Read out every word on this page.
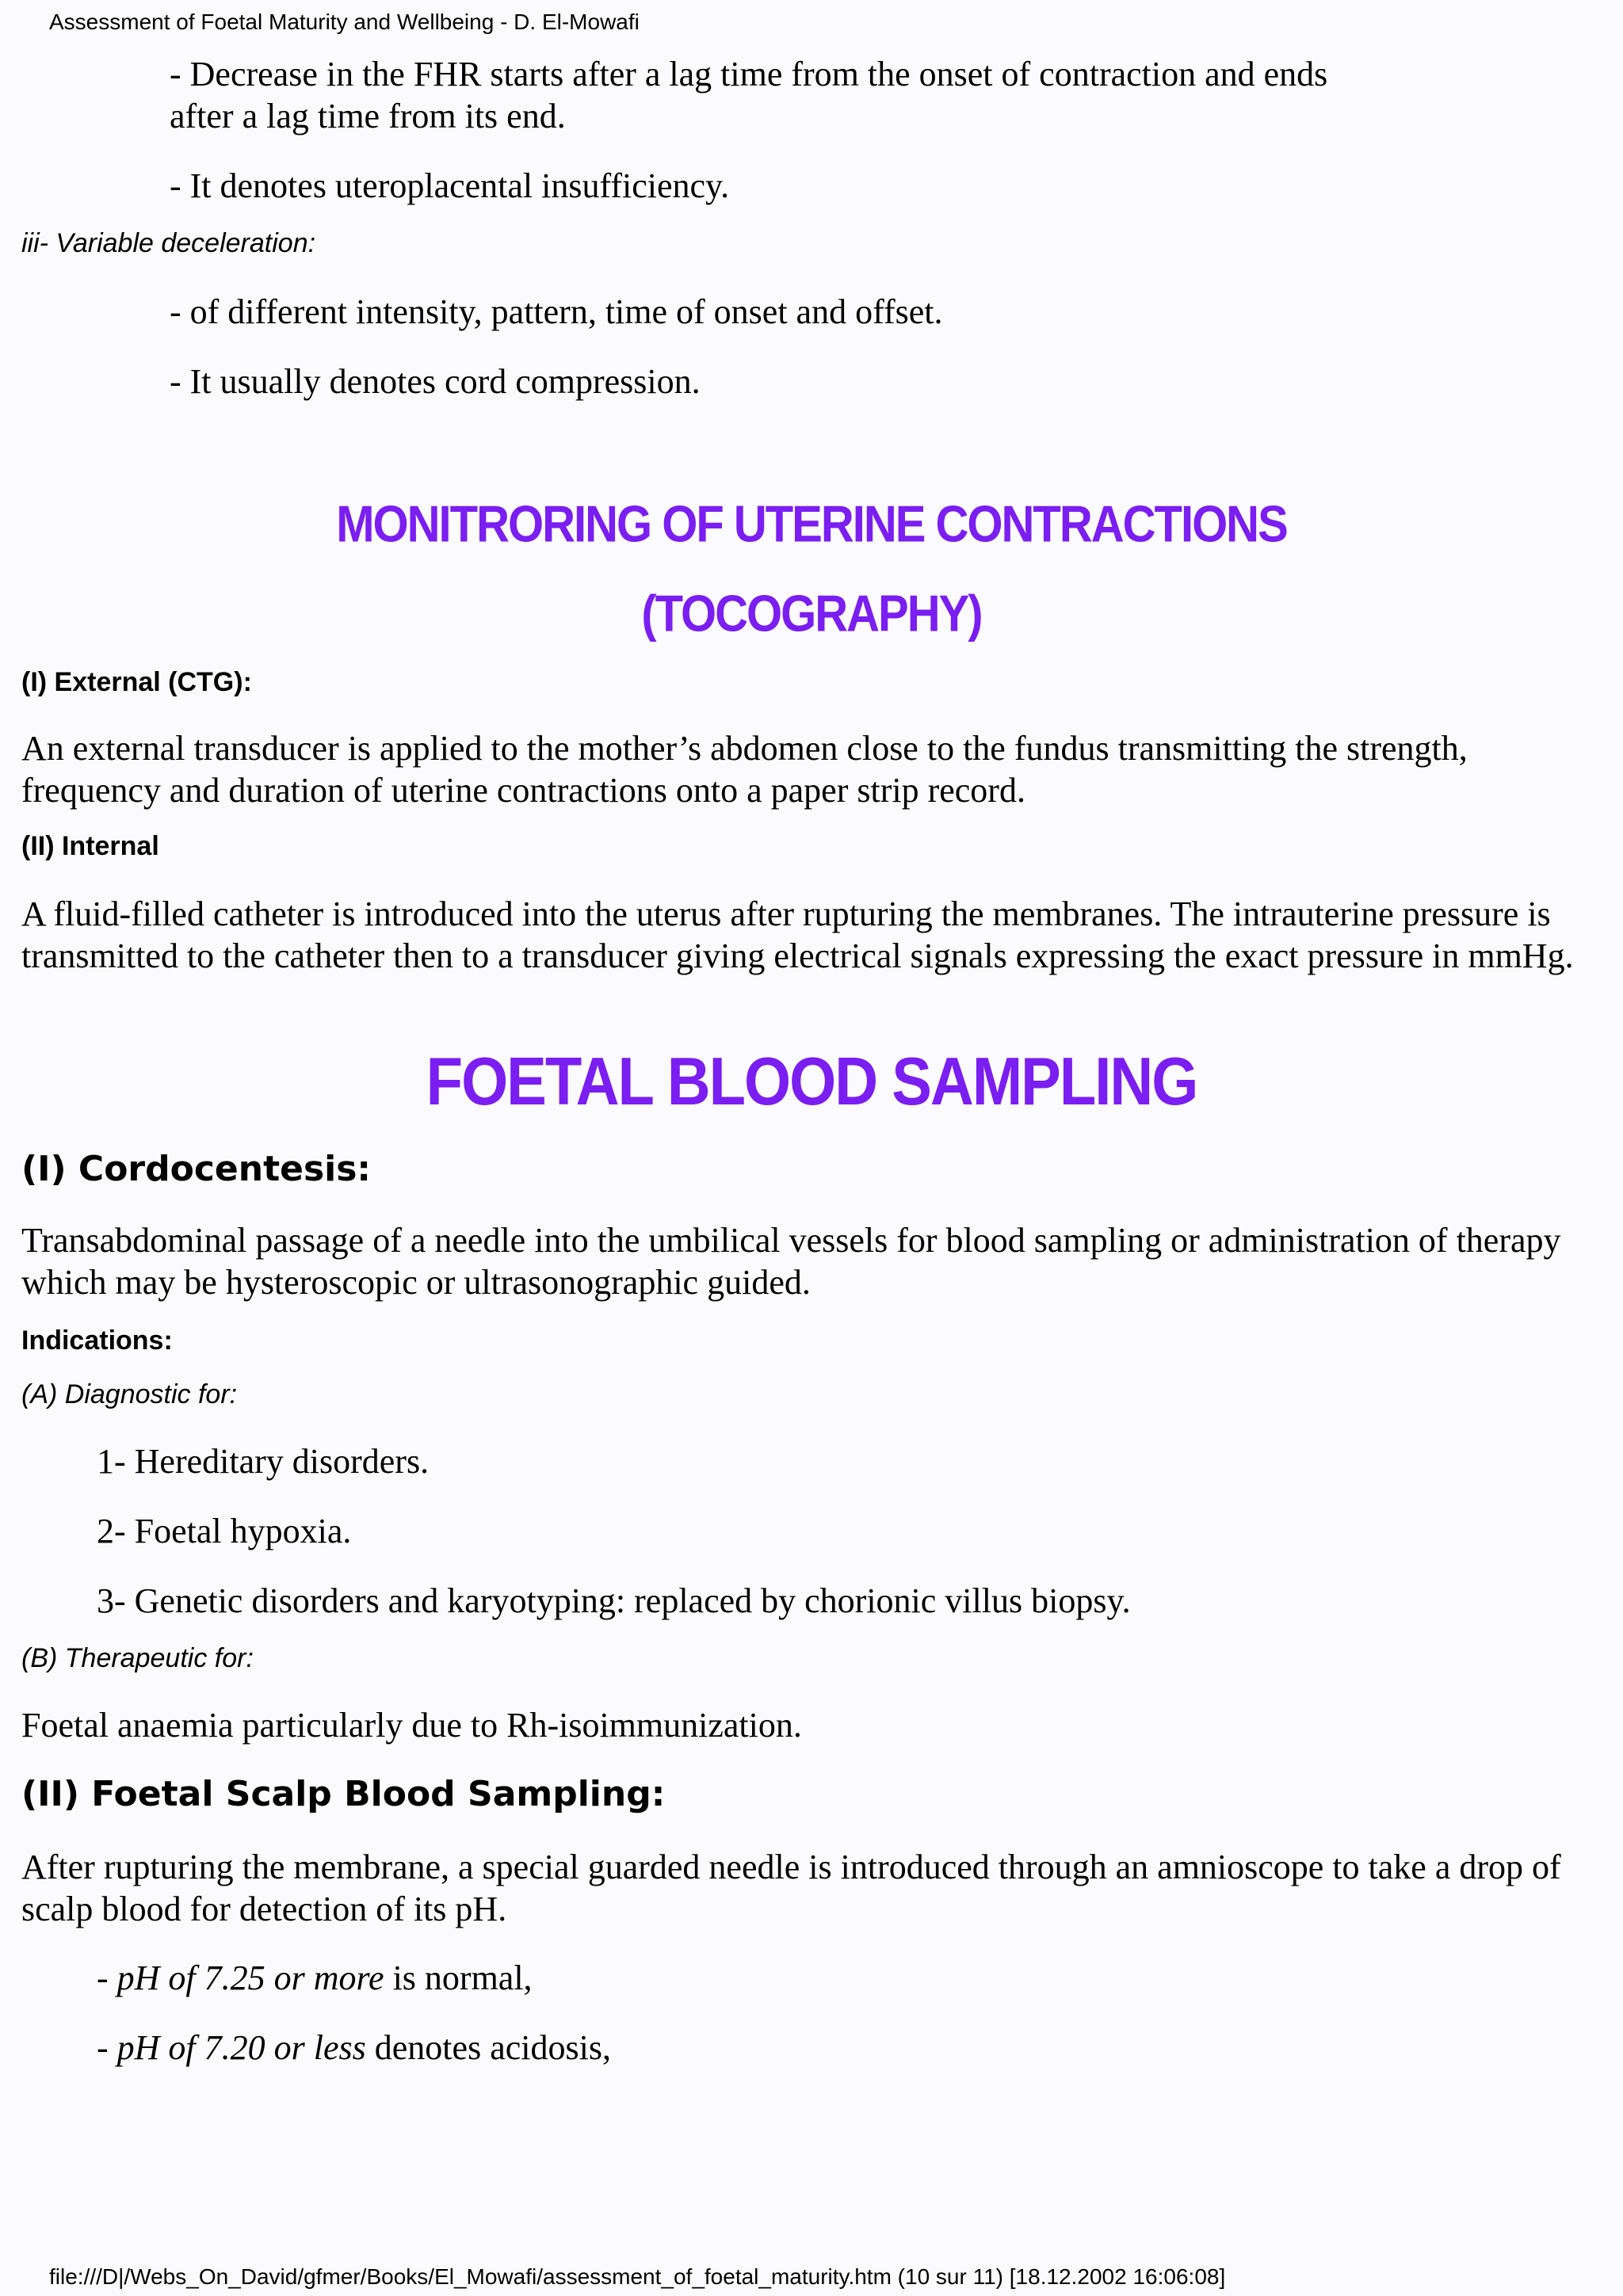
Assessment of Foetal Maturity and Wellbeing - D. El-Mowafi
- Decrease in the FHR starts after a lag time from the onset of contraction and ends
after a lag time from its end.
- It denotes uteroplacental insufficiency.
iii- Variable deceleration:
- of different intensity, pattern, time of onset and offset.
- It usually denotes cord compression.
MONITRORING OF UTERINE CONTRACTIONS
(TOCOGRAPHY)
(I) External (CTG):

An external transducer is applied to the mother’s abdomen close to the fundus transmitting the strength, frequency and duration of uterine contractions onto a paper strip record.

(II) Internal

A fluid-filled catheter is introduced into the uterus after rupturing the membranes. The intrauterine pressure is transmitted to the catheter then to a transducer giving electrical signals expressing the exact pressure in mmHg.

FOETAL BLOOD SAMPLING
(I) Cordocentesis:

Transabdominal passage of a needle into the umbilical vessels for blood sampling or administration of therapy which may be hysteroscopic or ultrasonographic guided.

Indications:
(A) Diagnostic for:
1- Hereditary disorders.
2- Foetal hypoxia.
3- Genetic disorders and karyotyping: replaced by chorionic villus biopsy.
(B) Therapeutic for:
Foetal anaemia particularly due to Rh-isoimmunization.
(II) Foetal Scalp Blood Sampling:

After rupturing the membrane, a special guarded needle is introduced through an amnioscope to take a drop of scalp blood for detection of its pH.

- pH of 7.25 or more is normal,
- pH of 7.20 or less denotes acidosis,
file:///D|/Webs_On_David/gfmer/Books/El_Mowafi/assessment_of_foetal_maturity.htm (10 sur 11) [18.12.2002 16:06:08]
